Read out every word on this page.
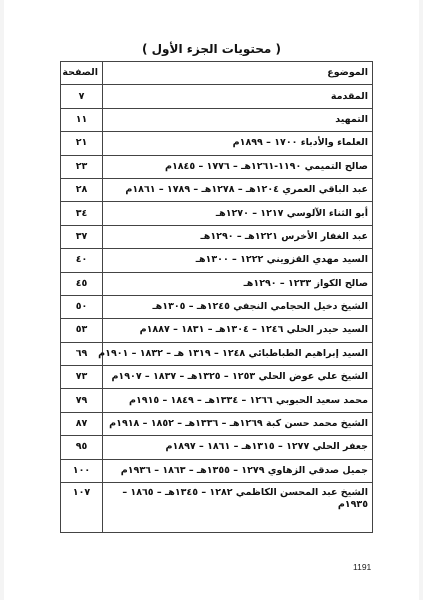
( محتويات الجزء الأول )
الموضوع	الصفحة
المقدمة	٧
التمهيد	١١
العلماء والأدباء ١٧٠٠ – ١٨٩٩م	٢١
صالح التميمي ١١٩٠-١٢٦١هـ – ١٧٧٦ – ١٨٤٥م	٢٣
عبد الباقي العمري ١٢٠٤هـ – ١٢٧٨هـ – ١٧٨٩ – ١٨٦١م	٢٨
أبو الثناء الآلوسي ١٢١٧ – ١٢٧٠هـ	٣٤
عبد الغفار الأخرس ١٢٢١هـ – ١٢٩٠هـ	٣٧
السيد مهدي القزويني ١٢٢٢ – ١٣٠٠هـ	٤٠
صالح الكواز ١٢٣٣ – ١٢٩٠هـ	٤٥
الشيخ دخيل الحجامي النجفي ١٢٤٥هـ – ١٣٠٥هـ	٥٠
السيد حيدر الحلي ١٢٤٦ – ١٣٠٤هـ – ١٨٣١ – ١٨٨٧م	٥٣
السيد إبراهيم الطباطبائي ١٢٤٨ – ١٣١٩ هـ – ١٨٣٢ – ١٩٠١م	٦٩
الشيخ علي عوض الحلي ١٢٥٣ – ١٣٢٥هـ – ١٨٣٧ – ١٩٠٧م	٧٣
محمد سعيد الحبوبي ١٢٦٦ – ١٣٣٤هـ – ١٨٤٩ – ١٩١٥م	٧٩
الشيخ محمد حسن كبة ١٢٦٩هـ – ١٣٣٦هـ – ١٨٥٢ – ١٩١٨م	٨٧
جعفر الحلي ١٢٧٧ – ١٣١٥هـ – ١٨٦١ – ١٨٩٧م	٩٥
جميل صدقي الزهاوي ١٢٧٩ – ١٣٥٥هـ – ١٨٦٣ – ١٩٣٦م	١٠٠
الشيخ عبد المحسن الكاظمي ١٢٨٢ – ١٣٤٥هـ – ١٨٦٥ – ١٩٣٥م	١٠٧
1191
